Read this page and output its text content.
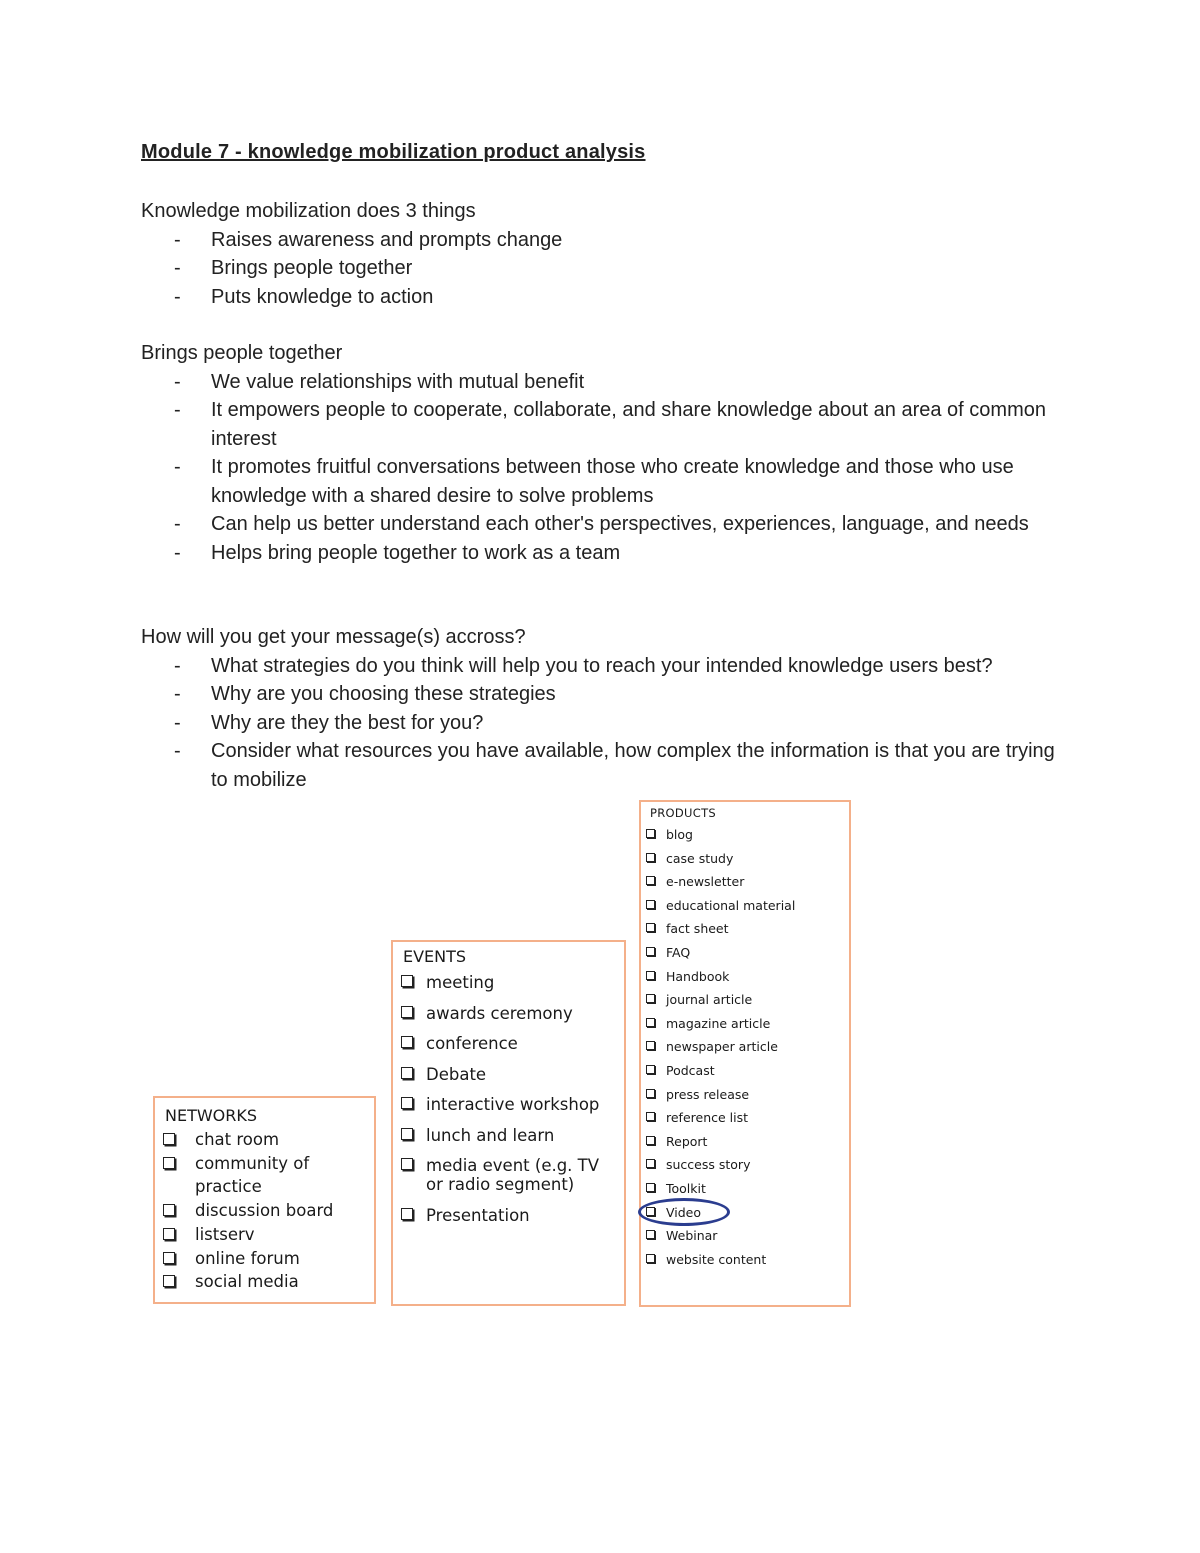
Module 7 - knowledge mobilization product analysis

Knowledge mobilization does 3 things

- Raises awareness and prompts change
- Brings people together
- Puts knowledge to action

Brings people together

- We value relationships with mutual benefit
- It empowers people to cooperate, collaborate, and share knowledge about an area of common interest
- It promotes fruitful conversations between those who create knowledge and those who use knowledge with a shared desire to solve problems
- Can help us better understand each other's perspectives, experiences, language, and needs
- Helps bring people together to work as a team

How will you get your message(s) accross?

- What strategies do you think will help you to reach your intended knowledge users best?
- Why are you choosing these strategies
- Why are they the best for you?
- Consider what resources you have available, how complex the information is that you are trying to mobilize
NETWORKS
chat room
community of practice
discussion board
listserv
online forum
social media
EVENTS
meeting
awards ceremony
conference
Debate
interactive workshop
lunch and learn
media event (e.g. TV or radio segment)
Presentation
PRODUCTS
blog
case study
e-newsletter
educational material
fact sheet
FAQ
Handbook
journal article
magazine article
newspaper article
Podcast
press release
reference list
Report
success story
Toolkit
Video
Webinar
website content
